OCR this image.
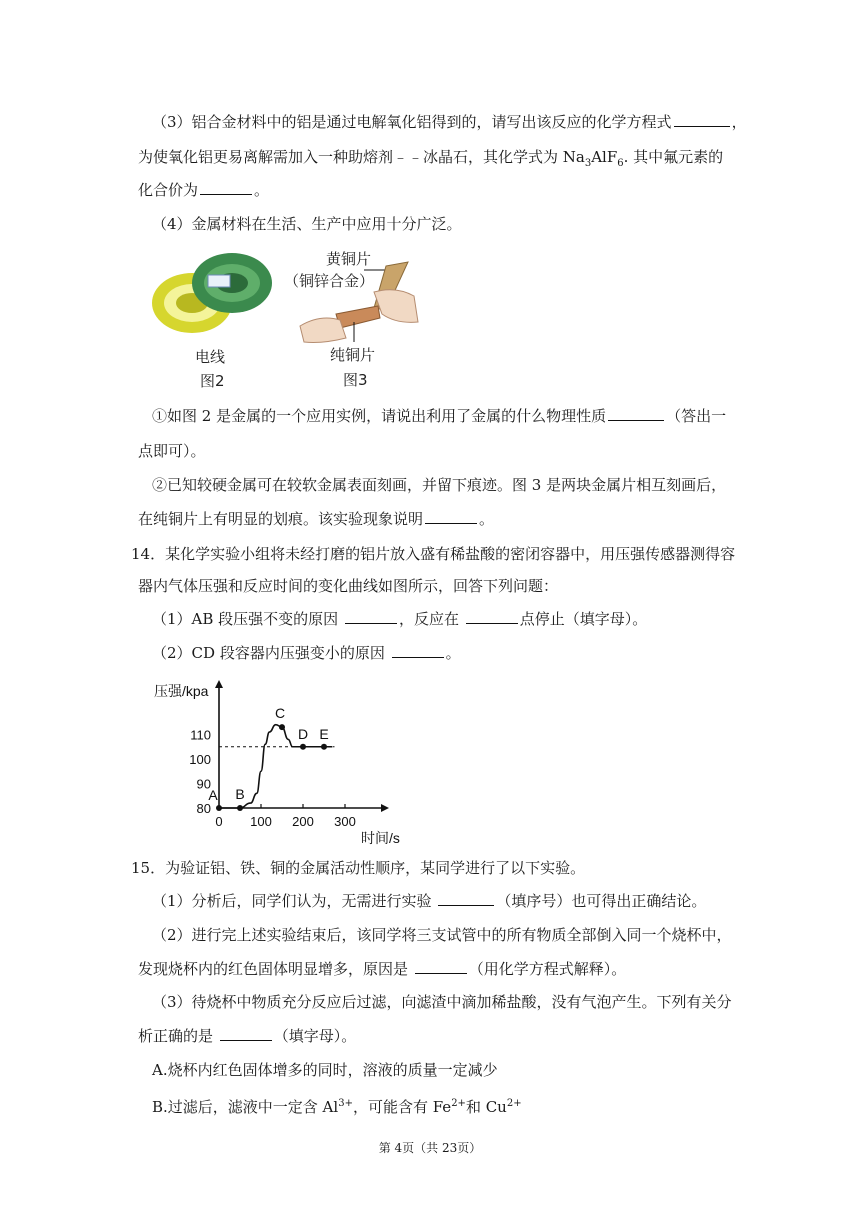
（3）铝合金材料中的铝是通过电解氧化铝得到的，请写出该反应的化学方程式	，
为使氧化铝更易离解需加入一种助熔剂﹣﹣冰晶石，其化学式为 $Na_3AlF_6$. 其中氟元素的
化合价为	。
（4）金属材料在生活、生产中应用十分广泛。
电线
图2
黄铜片
（铜锌合金）
纯铜片
图3
①如图 2 是金属的一个应用实例，请说出利用了金属的什么物理性质	（答出一
点即可）。
②已知较硬金属可在较软金属表面刻画，并留下痕迹。图 3 是两块金属片相互刻画后，
在纯铜片上有明显的划痕。该实验现象说明	。
14．某化学实验小组将未经打磨的铝片放入盛有稀盐酸的密闭容器中，用压强传感器测得容
器内气体压强和反应时间的变化曲线如图所示，回答下列问题：
（1）AB 段压强不变的原因	，反应在	点停止（填字母）。
（2）CD 段容器内压强变小的原因	。
压强/kpa
时间/s
0 100 200 300
80
90
100
110
A B
C
D E
15．为验证铝、铁、铜的金属活动性顺序，某同学进行了以下实验。
（1）分析后，同学们认为，无需进行实验	（填序号）也可得出正确结论。
（2）进行完上述实验结束后，该同学将三支试管中的所有物质全部倒入同一个烧杯中，
发现烧杯内的红色固体明显增多，原因是	（用化学方程式解释）。
（3）待烧杯中物质充分反应后过滤，向滤渣中滴加稀盐酸，没有气泡产生。下列有关分
析正确的是	（填字母）。
A.烧杯内红色固体增多的同时，溶液的质量一定减少
B.过滤后，滤液中一定含 $Al^{3+}$，可能含有 $Fe^{2+}$和 $Cu^{2+}$
第 4页（共 23页）
